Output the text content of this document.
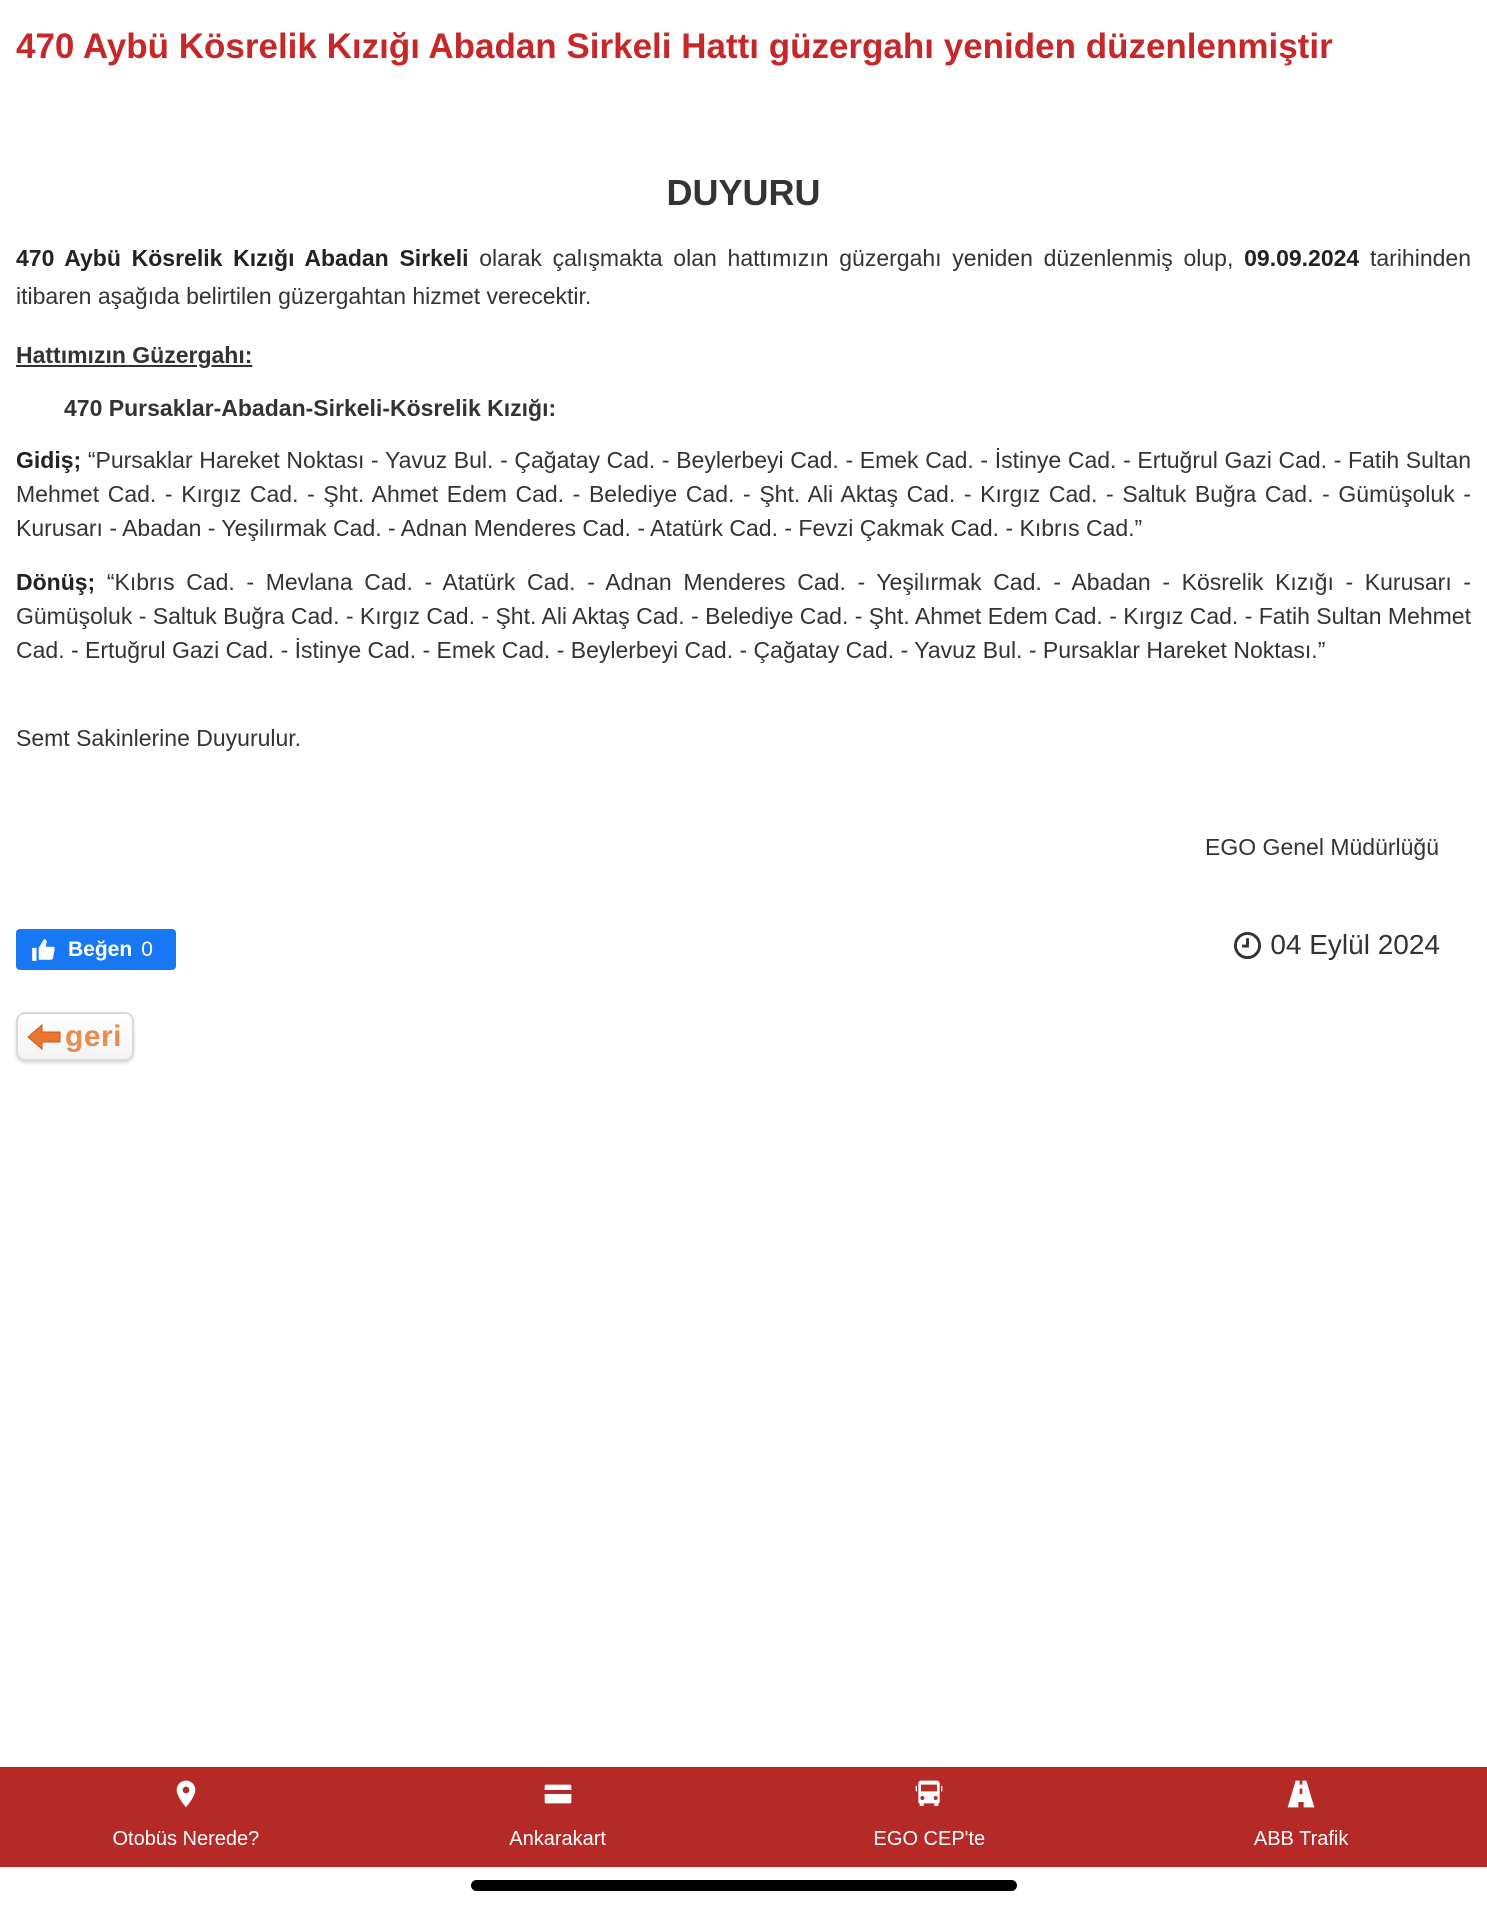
470 Aybü Kösrelik Kızığı Abadan Sirkeli Hattı güzergahı yeniden düzenlenmiştir
DUYURU

470 Aybü Kösrelik Kızığı Abadan Sirkeli olarak çalışmakta olan hattımızın güzergahı yeniden düzenlenmiş olup, 09.09.2024 tarihinden itibaren aşağıda belirtilen güzergahtan hizmet verecektir.

Hattımızın Güzergahı:

470 Pursaklar-Abadan-Sirkeli-Kösrelik Kızığı:

Gidiş; “Pursaklar Hareket Noktası - Yavuz Bul. - Çağatay Cad. - Beylerbeyi Cad. - Emek Cad. - İstinye Cad. - Ertuğrul Gazi Cad. - Fatih Sultan Mehmet Cad. - Kırgız Cad. - Şht. Ahmet Edem Cad. - Belediye Cad. - Şht. Ali Aktaş Cad. - Kırgız Cad. - Saltuk Buğra Cad. - Gümüşoluk - Kurusarı - Abadan - Yeşilırmak Cad. - Adnan Menderes Cad. - Atatürk Cad. - Fevzi Çakmak Cad. - Kıbrıs Cad.”

Dönüş; “Kıbrıs Cad. - Mevlana Cad. - Atatürk Cad. - Adnan Menderes Cad. - Yeşilırmak Cad. - Abadan - Kösrelik Kızığı - Kurusarı - Gümüşoluk - Saltuk Buğra Cad. - Kırgız Cad. - Şht. Ali Aktaş Cad. - Belediye Cad. - Şht. Ahmet Edem Cad. - Kırgız Cad. - Fatih Sultan Mehmet Cad. - Ertuğrul Gazi Cad. - İstinye Cad. - Emek Cad. - Beylerbeyi Cad. - Çağatay Cad. - Yavuz Bul. - Pursaklar Hareket Noktası.”

Semt Sakinlerine Duyurulur.

EGO Genel Müdürlüğü
Beğen 0	04 Eylül 2024
geri
Otobüs Nerede?	Ankarakart	EGO CEP'te	ABB Trafik
